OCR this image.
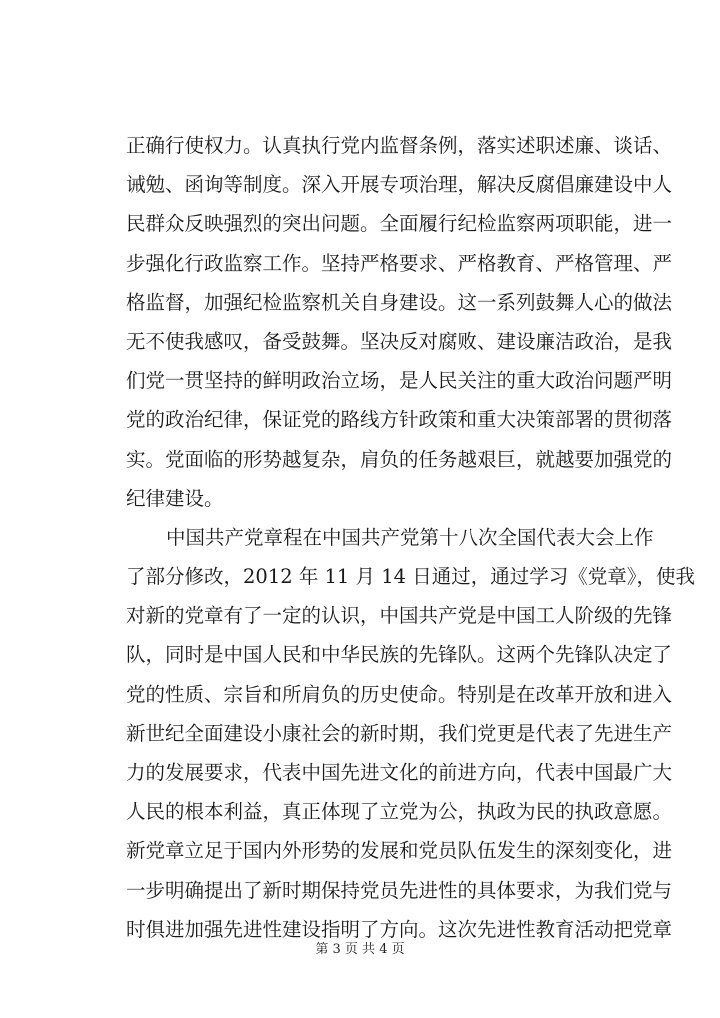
正确行使权力。认真执行党内监督条例，落实述职述廉、谈话、
诫勉、函询等制度。深入开展专项治理，解决反腐倡廉建设中人
民群众反映强烈的突出问题。全面履行纪检监察两项职能，进一
步强化行政监察工作。坚持严格要求、严格教育、严格管理、严
格监督，加强纪检监察机关自身建设。这一系列鼓舞人心的做法
无不使我感叹，备受鼓舞。坚决反对腐败、建设廉洁政治，是我
们党一贯坚持的鲜明政治立场，是人民关注的重大政治问题严明
党的政治纪律，保证党的路线方针政策和重大决策部署的贯彻落
实。党面临的形势越复杂，肩负的任务越艰巨，就越要加强党的
纪律建设。
中国共产党章程在中国共产党第十八次全国代表大会上作
了部分修改，2012 年 11 月 14 日通过，通过学习《党章》，使我
对新的党章有了一定的认识，中国共产党是中国工人阶级的先锋
队，同时是中国人民和中华民族的先锋队。这两个先锋队决定了
党的性质、宗旨和所肩负的历史使命。特别是在改革开放和进入
新世纪全面建设小康社会的新时期，我们党更是代表了先进生产
力的发展要求，代表中国先进文化的前进方向，代表中国最广大
人民的根本利益，真正体现了立党为公，执政为民的执政意愿。
新党章立足于国内外形势的发展和党员队伍发生的深刻变化，进
一步明确提出了新时期保持党员先进性的具体要求，为我们党与
时俱进加强先进性建设指明了方向。这次先进性教育活动把党章
第 3 页 共 4 页
